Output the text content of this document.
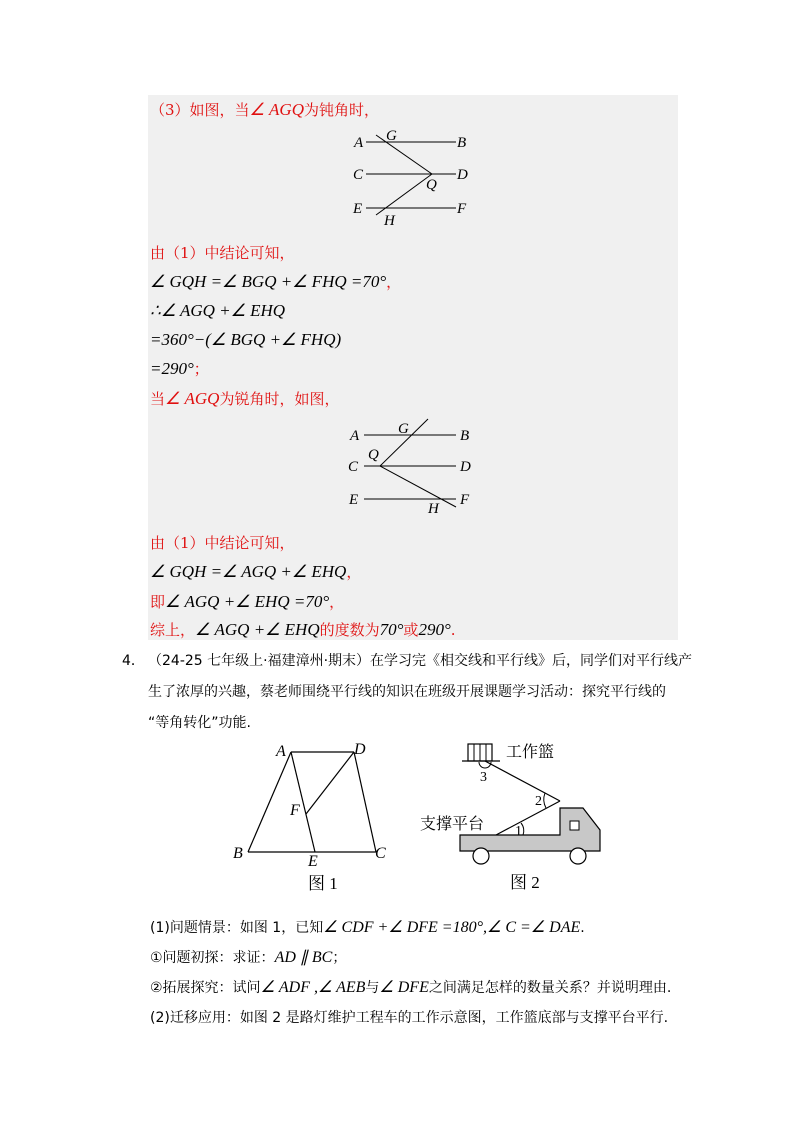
（3）如图，当∠ AGQ为钝角时，
A G	B
C
Q
D
E
H
F
由（1）中结论可知，
∠ GQH =∠ BGQ +∠ FHQ =70°，
∴∠ AGQ +∠ EHQ
=360°−(∠ BGQ +∠ FHQ)
=290°；
当∠ AGQ为锐角时，如图，
A	G	B
C
Q
D
E
H
F
由（1）中结论可知，
∠ GQH =∠ AGQ +∠ EHQ，
即∠ AGQ +∠ EHQ =70°，
综上，∠ AGQ +∠ EHQ的度数为70°或290°.
4． （24-25 七年级上·福建漳州·期末）在学习完《相交线和平行线》后，同学们对平行线产
生了浓厚的兴趣，蔡老师围绕平行线的知识在班级开展课题学习活动：探究平行线的
“等角转化”功能.
A	D
F
B	E	C
图 1
工作篮
支撑平台 1
2
3
图 2
(1)问题情景：如图 1，已知∠ CDF +∠ DFE =180°,∠ C =∠ DAE.
①问题初探：求证：AD ∥ BC；
②拓展探究：试问∠ ADF ,∠ AEB与∠ DFE之间满足怎样的数量关系？并说明理由.
(2)迁移应用：如图 2 是路灯维护工程车的工作示意图，工作篮底部与支撑平台平行.
